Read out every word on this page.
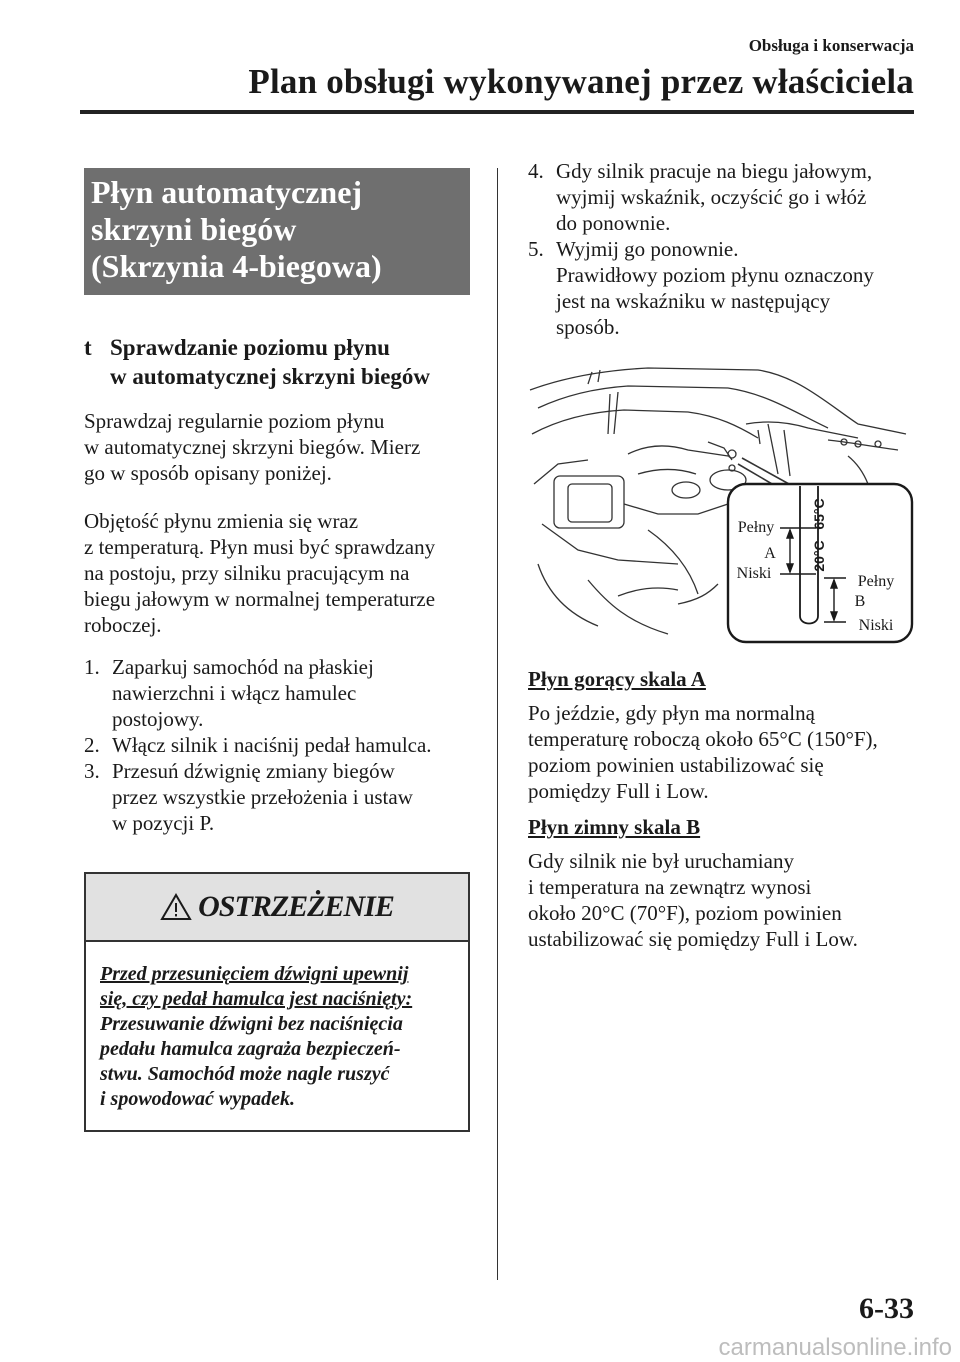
Obsługa i konserwacja
Plan obsługi wykonywanej przez właściciela
Płyn automatycznej
skrzyni biegów
(Skrzynia 4-biegowa)
t Sprawdzanie poziomu płynu
w automatycznej skrzyni biegów

Sprawdzaj regularnie poziom płynu
w automatycznej skrzyni biegów. Mierz
go w sposób opisany poniżej.

Objętość płynu zmienia się wraz
z temperaturą. Płyn musi być sprawdzany
na postoju, przy silniku pracującym na
biegu jałowym w normalnej temperaturze
roboczej.

1. Zaparkuj samochód na płaskiej
nawierzchni i włącz hamulec
postojowy.
2. Włącz silnik i naciśnij pedał hamulca.
3. Przesuń dźwignię zmiany biegów
przez wszystkie przełożenia i ustaw
w pozycji P.
OSTRZEŻENIE
Przed przesunięciem dźwigni upewnij
się, czy pedał hamulca jest naciśnięty:
Przesuwanie dźwigni bez naciśnięcia
pedału hamulca zagraża bezpieczeń-
stwu. Samochód może nagle ruszyć
i spowodować wypadek.
4. Gdy silnik pracuje na biegu jałowym,
wyjmij wskaźnik, oczyścić go i włóż
do ponownie.
5. Wyjmij go ponownie.
Prawidłowy poziom płynu oznaczony
jest na wskaźniku w następujący
sposób.
65°C
20°C
Pełny
A
Niski	Pełny
B
Niski
Płyn gorący skala A

Po jeździe, gdy płyn ma normalną
temperaturę roboczą około 65°C (150°F),
poziom powinien ustabilizować się
pomiędzy Full i Low.

Płyn zimny skala B

Gdy silnik nie był uruchamiany
i temperatura na zewnątrz wynosi
około 20°C (70°F), poziom powinien
ustabilizować się pomiędzy Full i Low.

6-33
carmanualsonline.info
